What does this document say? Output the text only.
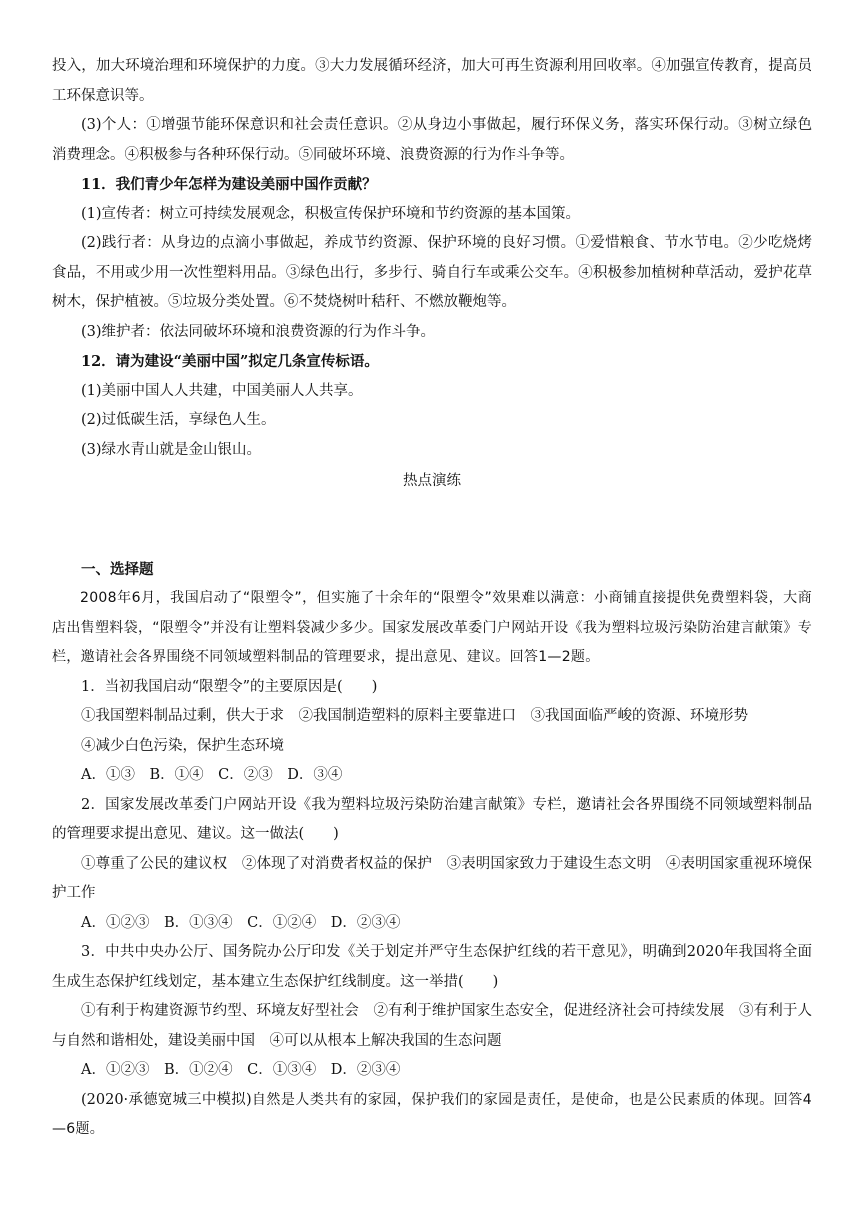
投入，加大环境治理和环境保护的力度。③大力发展循环经济，加大可再生资源利用回收率。④加强宣传教育，提高员工环保意识等。

(3)个人：①增强节能环保意识和社会责任意识。②从身边小事做起，履行环保义务，落实环保行动。③树立绿色消费理念。④积极参与各种环保行动。⑤同破坏环境、浪费资源的行为作斗争等。

11．我们青少年怎样为建设美丽中国作贡献？

(1)宣传者：树立可持续发展观念，积极宣传保护环境和节约资源的基本国策。

(2)践行者：从身边的点滴小事做起，养成节约资源、保护环境的良好习惯。①爱惜粮食、节水节电。②少吃烧烤食品，不用或少用一次性塑料用品。③绿色出行，多步行、骑自行车或乘公交车。④积极参加植树种草活动，爱护花草树木，保护植被。⑤垃圾分类处置。⑥不焚烧树叶秸秆、不燃放鞭炮等。

(3)维护者：依法同破坏环境和浪费资源的行为作斗争。

12．请为建设“美丽中国”拟定几条宣传标语。

(1)美丽中国人人共建，中国美丽人人共享。

(2)过低碳生活，享绿色人生。

(3)绿水青山就是金山银山。

热点演练

一、选择题

2008年6月，我国启动了“限塑令”，但实施了十余年的“限塑令”效果难以满意：小商铺直接提供免费塑料袋，大商店出售塑料袋，“限塑令”并没有让塑料袋减少多少。国家发展改革委门户网站开设《我为塑料垃圾污染防治建言献策》专栏，邀请社会各界围绕不同领域塑料制品的管理要求，提出意见、建议。回答1—2题。

1．当初我国启动“限塑令”的主要原因是(　　)

①我国塑料制品过剩，供大于求　②我国制造塑料的原料主要靠进口　③我国面临严峻的资源、环境形势

④减少白色污染，保护生态环境

A．①③　B．①④　C．②③　D．③④

2．国家发展改革委门户网站开设《我为塑料垃圾污染防治建言献策》专栏，邀请社会各界围绕不同领域塑料制品的管理要求提出意见、建议。这一做法(　　)

①尊重了公民的建议权　②体现了对消费者权益的保护　③表明国家致力于建设生态文明　④表明国家重视环境保护工作

A．①②③　B．①③④　C．①②④　D．②③④

3．中共中央办公厅、国务院办公厅印发《关于划定并严守生态保护红线的若干意见》，明确到2020年我国将全面生成生态保护红线划定，基本建立生态保护红线制度。这一举措(　　)

①有利于构建资源节约型、环境友好型社会　②有利于维护国家生态安全，促进经济社会可持续发展　③有利于人与自然和谐相处，建设美丽中国　④可以从根本上解决我国的生态问题

A．①②③　B．①②④　C．①③④　D．②③④

(2020·承德宽城三中模拟)自然是人类共有的家园，保护我们的家园是责任，是使命，也是公民素质的体现。回答4—6题。
